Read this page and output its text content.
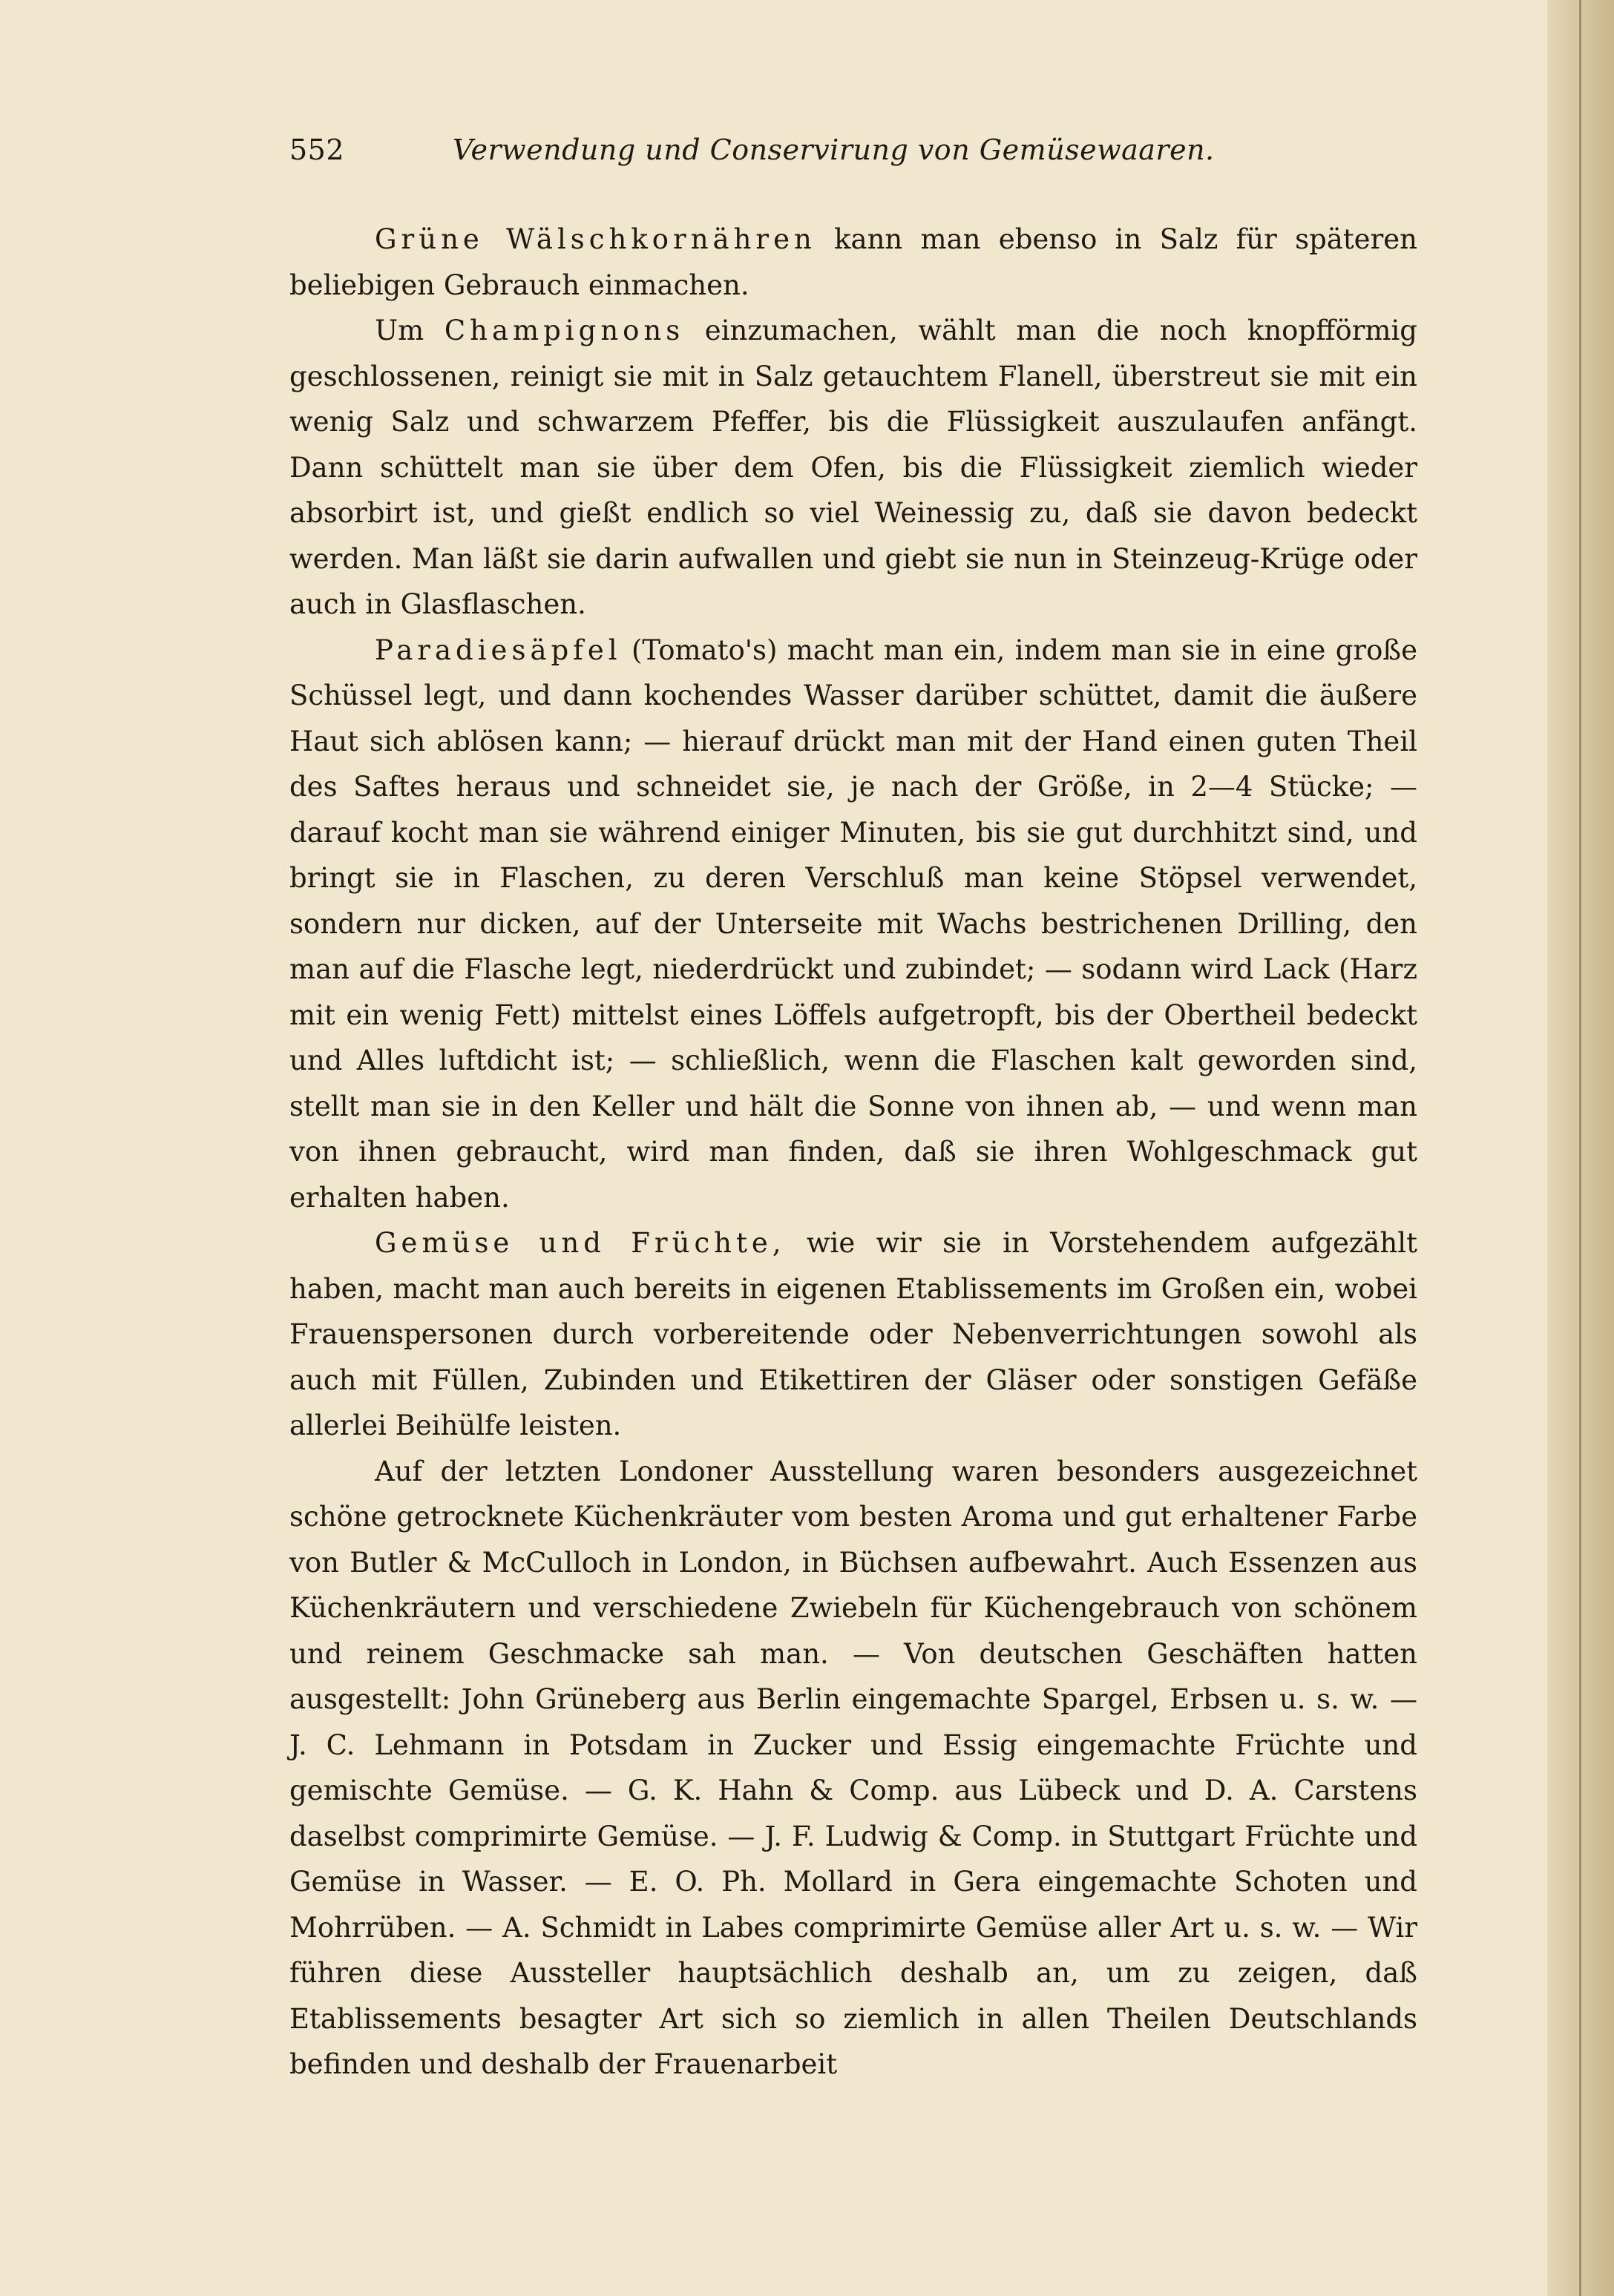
552	Verwendung und Conservirung von Gemüsewaaren.

Grüne Wälschkornähren kann man ebenso in Salz für späteren beliebigen Gebrauch einmachen.

Um Champignons einzumachen, wählt man die noch knopfförmig geschlossenen, reinigt sie mit in Salz getauchtem Flanell, überstreut sie mit ein wenig Salz und schwarzem Pfeffer, bis die Flüssigkeit auszulaufen anfängt. Dann schüttelt man sie über dem Ofen, bis die Flüssigkeit ziemlich wieder absorbirt ist, und gießt endlich so viel Weinessig zu, daß sie davon bedeckt werden. Man läßt sie darin aufwallen und giebt sie nun in Steinzeug-Krüge oder auch in Glasflaschen.

Paradiesäpfel (Tomato's) macht man ein, indem man sie in eine große Schüssel legt, und dann kochendes Wasser darüber schüttet, damit die äußere Haut sich ablösen kann; — hierauf drückt man mit der Hand einen guten Theil des Saftes heraus und schneidet sie, je nach der Größe, in 2—4 Stücke; — darauf kocht man sie während einiger Minuten, bis sie gut durchhitzt sind, und bringt sie in Flaschen, zu deren Verschluß man keine Stöpsel verwendet, sondern nur dicken, auf der Unterseite mit Wachs bestrichenen Drilling, den man auf die Flasche legt, niederdrückt und zubindet; — sodann wird Lack (Harz mit ein wenig Fett) mittelst eines Löffels aufgetropft, bis der Obertheil bedeckt und Alles luftdicht ist; — schließlich, wenn die Flaschen kalt geworden sind, stellt man sie in den Keller und hält die Sonne von ihnen ab, — und wenn man von ihnen gebraucht, wird man finden, daß sie ihren Wohlgeschmack gut erhalten haben.

Gemüse und Früchte, wie wir sie in Vorstehendem aufgezählt haben, macht man auch bereits in eigenen Etablissements im Großen ein, wobei Frauenspersonen durch vorbereitende oder Nebenverrichtungen sowohl als auch mit Füllen, Zubinden und Etikettiren der Gläser oder sonstigen Gefäße allerlei Beihülfe leisten.

Auf der letzten Londoner Ausstellung waren besonders ausgezeichnet schöne getrocknete Küchenkräuter vom besten Aroma und gut erhaltener Farbe von Butler & McCulloch in London, in Büchsen aufbewahrt. Auch Essenzen aus Küchenkräutern und verschiedene Zwiebeln für Küchengebrauch von schönem und reinem Geschmacke sah man. — Von deutschen Geschäften hatten ausgestellt: John Grüneberg aus Berlin eingemachte Spargel, Erbsen u. s. w. — J. C. Lehmann in Potsdam in Zucker und Essig eingemachte Früchte und gemischte Gemüse. — G. K. Hahn & Comp. aus Lübeck und D. A. Carstens daselbst comprimirte Gemüse. — J. F. Ludwig & Comp. in Stuttgart Früchte und Gemüse in Wasser. — E. O. Ph. Mollard in Gera eingemachte Schoten und Mohrrüben. — A. Schmidt in Labes comprimirte Gemüse aller Art u. s. w. — Wir führen diese Aussteller hauptsächlich deshalb an, um zu zeigen, daß Etablissements besagter Art sich so ziemlich in allen Theilen Deutschlands befinden und deshalb der Frauenarbeit
